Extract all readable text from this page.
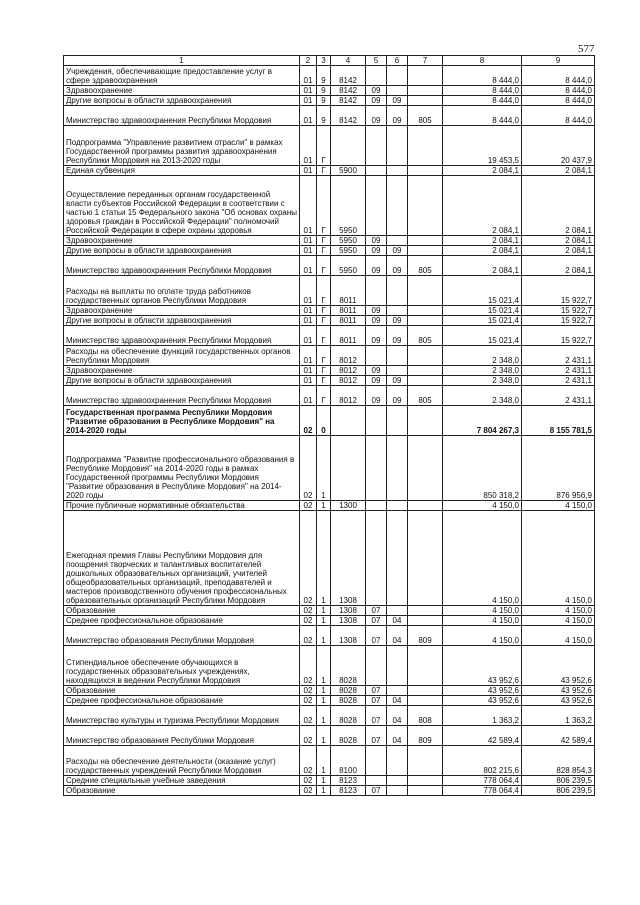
577
1	2	3	4	5	6	7	8	9
Учреждения, обеспечивающие предоставление услуг в сфере здравоохранения	01	9	8142				8 444,0	8 444,0
Здравоохранение	01	9	8142	09			8 444,0	8 444,0
Другие вопросы в области здравоохранения	01	9	8142	09	09		8 444,0	8 444,0
Министерство здравоохранения Республики Мордовия	01	9	8142	09	09	805	8 444,0	8 444,0
Подпрограмма "Управление развитием отрасли" в рамках Государственной программы развития здравоохранения Республики Мордовия на 2013-2020 годы	01	Г					19 453,5	20 437,9
Единая субвенция	01	Г	5900				2 084,1	2 084,1
Осуществление переданных органам государственной власти субъектов Российской Федерации в соответствии с частью 1 статьи 15 Федерального закона "Об основах охраны здоровья граждан в Российской Федерации" полномочий Российской Федерации в сфере охраны здоровья	01	Г	5950				2 084,1	2 084,1
Здравоохранение	01	Г	5950	09			2 084,1	2 084,1
Другие вопросы в области здравоохранения	01	Г	5950	09	09		2 084,1	2 084,1
Министерство здравоохранения Республики Мордовия	01	Г	5950	09	09	805	2 084,1	2 084,1
Расходы на выплаты по оплате труда работников государственных органов Республики Мордовия	01	Г	8011				15 021,4	15 922,7
Здравоохранение	01	Г	8011	09			15 021,4	15 922,7
Другие вопросы в области здравоохранения	01	Г	8011	09	09		15 021,4	15 922,7
Министерство здравоохранения Республики Мордовия	01	Г	8011	09	09	805	15 021,4	15 922,7
Расходы на обеспечение функций государственных органов Республики Мордовия	01	Г	8012				2 348,0	2 431,1
Здравоохранение	01	Г	8012	09			2 348,0	2 431,1
Другие вопросы в области здравоохранения	01	Г	8012	09	09		2 348,0	2 431,1
Министерство здравоохранения Республики Мордовия	01	Г	8012	09	09	805	2 348,0	2 431,1
Государственная программа Республики Мордовия "Развитие образования в Республике Мордовия" на 2014-2020 годы	02	0					7 804 267,3	8 155 781,5
Подпрограмма "Развитие профессионального образования в Республике Мордовия" на 2014-2020 годы в рамках Государственной программы Республики Мордовия "Развитие образования в Республике Мордовия" на 2014-2020 годы	02	1					850 318,2	876 956,9
Прочие публичные нормативные обязательства	02	1	1300				4 150,0	4 150,0
Ежегодная премия Главы Республики Мордовия для поощрения творческих и талантливых воспитателей дошкольных образовательных организаций, учителей общеобразовательных организаций, преподавателей и мастеров производственного обучения профессиональных образовательных организаций Республики Мордовия	02	1	1308				4 150,0	4 150,0
Образование	02	1	1308	07			4 150,0	4 150,0
Среднее профессиональное образование	02	1	1308	07	04		4 150,0	4 150,0
Министерство образования Республики Мордовия	02	1	1308	07	04	809	4 150,0	4 150,0
Стипендиальное обеспечение обучающихся в государственных образовательных учреждениях, находящихся в ведении Республики Мордовия	02	1	8028				43 952,6	43 952,6
Образование	02	1	8028	07			43 952,6	43 952,6
Среднее профессиональное образование	02	1	8028	07	04		43 952,6	43 952,6
Министерство культуры и туризма Республики Мордовия	02	1	8028	07	04	808	1 363,2	1 363,2
Министерство образования Республики Мордовия	02	1	8028	07	04	809	42 589,4	42 589,4
Расходы на обеспечение деятельности (оказание услуг) государственных учреждений Республики Мордовия	02	1	8100				802 215,6	828 854,3
Средние специальные учебные заведения	02	1	8123				778 064,4	806 239,5
Образование	02	1	8123	07			778 064,4	806 239,5
